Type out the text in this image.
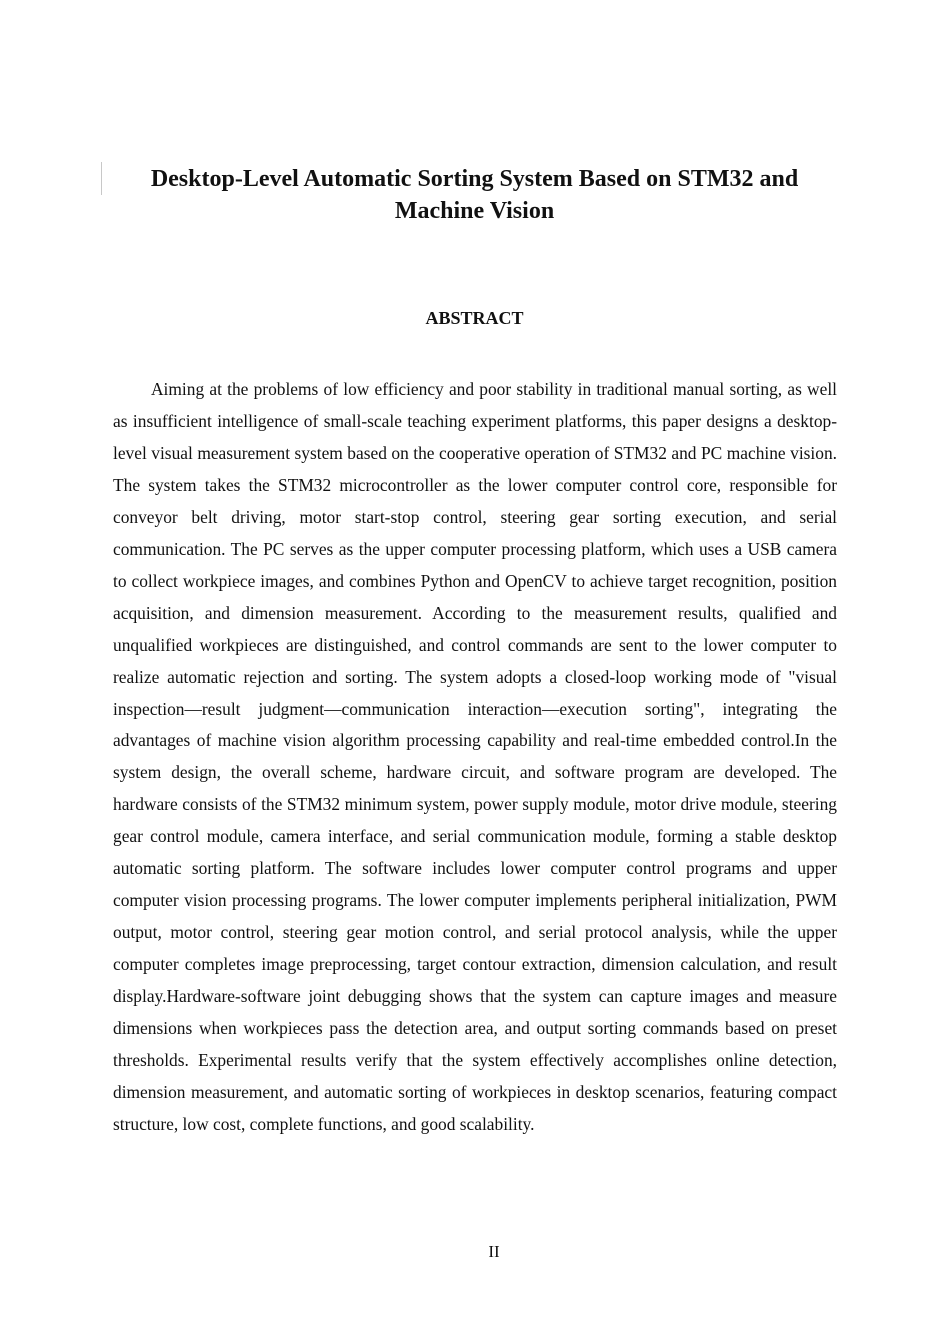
Desktop-Level Automatic Sorting System Based on STM32 and Machine Vision
ABSTRACT

Aiming at the problems of low efficiency and poor stability in traditional manual sorting, as well as insufficient intelligence of small-scale teaching experiment platforms, this paper designs a desktop-level visual measurement system based on the cooperative operation of STM32 and PC machine vision. The system takes the STM32 microcontroller as the lower computer control core, responsible for conveyor belt driving, motor start-stop control, steering gear sorting execution, and serial communication. The PC serves as the upper computer processing platform, which uses a USB camera to collect workpiece images, and combines Python and OpenCV to achieve target recognition, position acquisition, and dimension measurement. According to the measurement results, qualified and unqualified workpieces are distinguished, and control commands are sent to the lower computer to realize automatic rejection and sorting. The system adopts a closed-loop working mode of "visual inspection—result judgment—communication interaction—execution sorting", integrating the advantages of machine vision algorithm processing capability and real-time embedded control.In the system design, the overall scheme, hardware circuit, and software program are developed. The hardware consists of the STM32 minimum system, power supply module, motor drive module, steering gear control module, camera interface, and serial communication module, forming a stable desktop automatic sorting platform. The software includes lower computer control programs and upper computer vision processing programs. The lower computer implements peripheral initialization, PWM output, motor control, steering gear motion control, and serial protocol analysis, while the upper computer completes image preprocessing, target contour extraction, dimension calculation, and result display.Hardware-software joint debugging shows that the system can capture images and measure dimensions when workpieces pass the detection area, and output sorting commands based on preset thresholds. Experimental results verify that the system effectively accomplishes online detection, dimension measurement, and automatic sorting of workpieces in desktop scenarios, featuring compact structure, low cost, complete functions, and good scalability.

II
